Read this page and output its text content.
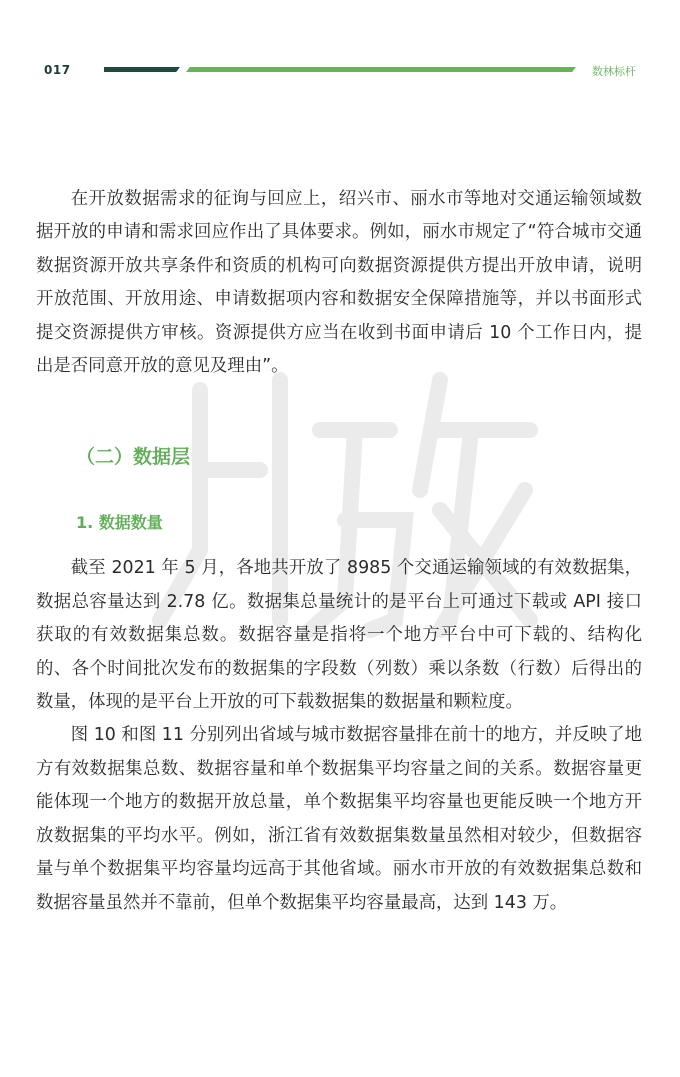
017	数林标杆

在开放数据需求的征询与回应上，绍兴市、丽水市等地对交通运输领域数据开放的申请和需求回应作出了具体要求。例如，丽水市规定了“符合城市交通数据资源开放共享条件和资质的机构可向数据资源提供方提出开放申请，说明开放范围、开放用途、申请数据项内容和数据安全保障措施等，并以书面形式提交资源提供方审核。资源提供方应当在收到书面申请后 10 个工作日内，提出是否同意开放的意见及理由”。

（二）数据层
1. 数据数量

截至 2021 年 5 月，各地共开放了 8985 个交通运输领域的有效数据集，数据总容量达到 2.78 亿。数据集总量统计的是平台上可通过下载或 API 接口获取的有效数据集总数。数据容量是指将一个地方平台中可下载的、结构化的、各个时间批次发布的数据集的字段数（列数）乘以条数（行数）后得出的数量，体现的是平台上开放的可下载数据集的数据量和颗粒度。

图 10 和图 11 分别列出省域与城市数据容量排在前十的地方，并反映了地方有效数据集总数、数据容量和单个数据集平均容量之间的关系。数据容量更能体现一个地方的数据开放总量，单个数据集平均容量也更能反映一个地方开放数据集的平均水平。例如，浙江省有效数据集数量虽然相对较少，但数据容量与单个数据集平均容量均远高于其他省域。丽水市开放的有效数据集总数和数据容量虽然并不靠前，但单个数据集平均容量最高，达到 143 万。
